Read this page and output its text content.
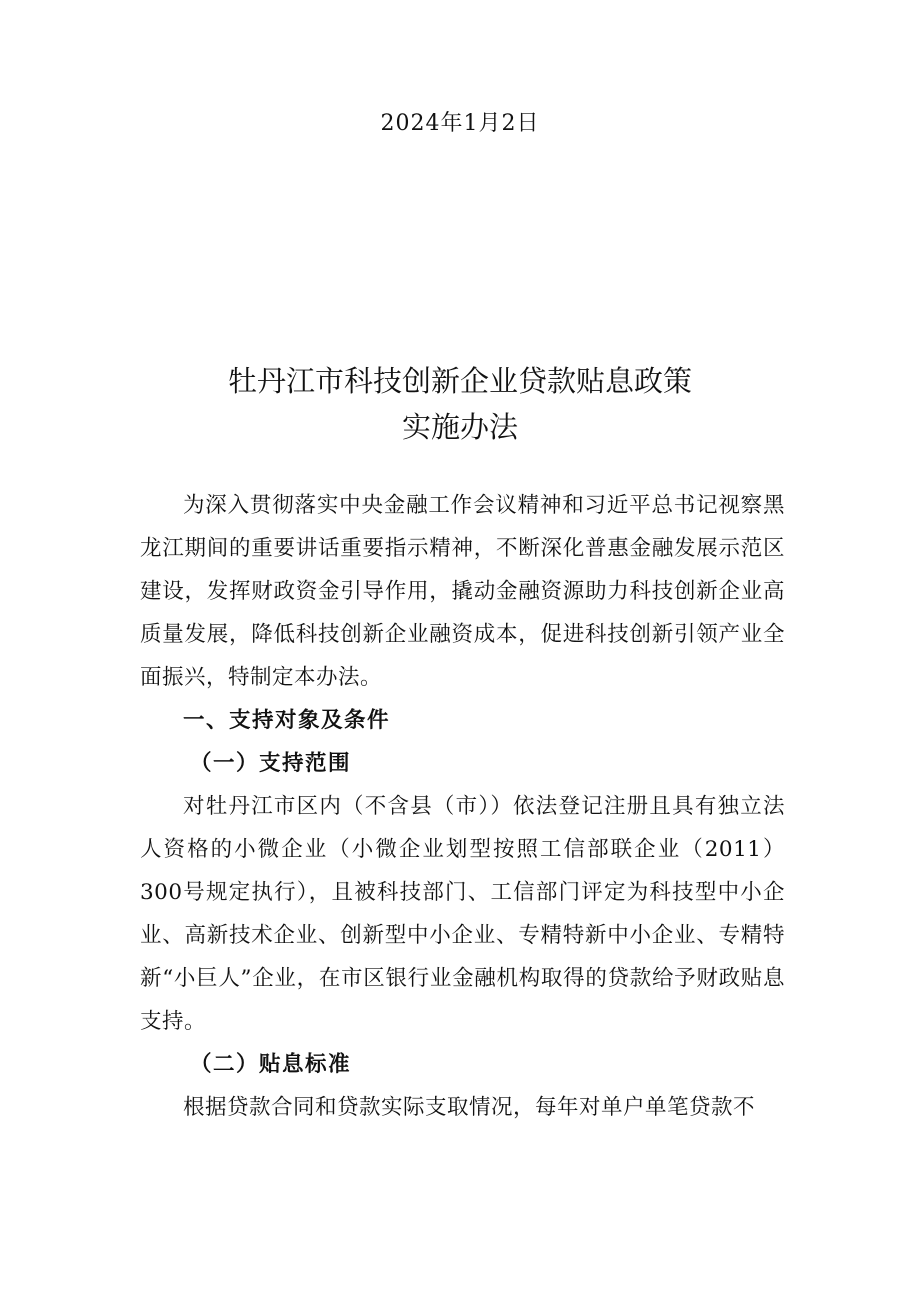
2024年1月2日
牡丹江市科技创新企业贷款贴息政策
实施办法

为深入贯彻落实中央金融工作会议精神和习近平总书记视察黑龙江期间的重要讲话重要指示精神，不断深化普惠金融发展示范区建设，发挥财政资金引导作用，撬动金融资源助力科技创新企业高质量发展，降低科技创新企业融资成本，促进科技创新引领产业全面振兴，特制定本办法。

一、支持对象及条件

（一）支持范围

对牡丹江市区内（不含县（市））依法登记注册且具有独立法人资格的小微企业（小微企业划型按照工信部联企业（2011）300号规定执行），且被科技部门、工信部门评定为科技型中小企业、高新技术企业、创新型中小企业、专精特新中小企业、专精特新“小巨人”企业，在市区银行业金融机构取得的贷款给予财政贴息支持。

（二）贴息标准

根据贷款合同和贷款实际支取情况，每年对单户单笔贷款不
